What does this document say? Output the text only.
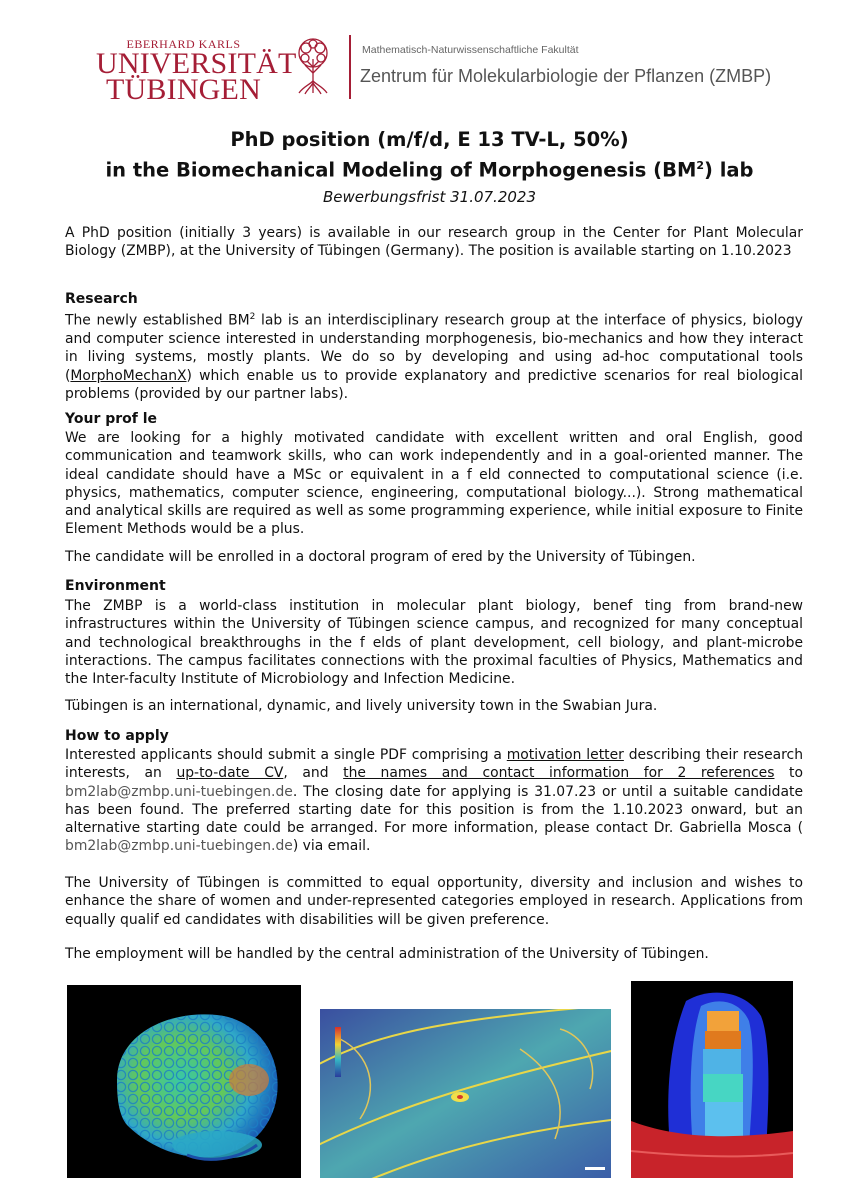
EBERHARD KARLS
UNIVERSITÄT
TÜBINGEN
Mathematisch-Naturwissenschaftliche Fakultät
Zentrum für Molekularbiologie der Pflanzen (ZMBP)
PhD position (m/f/d, E 13 TV-L, 50%)
in the Biomechanical Modeling of Morphogenesis $(BM^2)$ lab
Bewerbungsfrist 31.07.2023
A PhD position (initially 3 years) is available in our research group in the Center for Plant Molecular Biology (ZMBP), at the University of Tübingen (Germany). The position is available starting on 1.10.2023
Research
The newly established $BM^2$ lab is an interdisciplinary research group at the interface of physics, biology and computer science interested in understanding morphogenesis, bio-mechanics and how they interact in living systems, mostly plants. We do so by developing and using ad-hoc computational tools (MorphoMechanX) which enable us to provide explanatory and predictive scenarios for real biological problems (provided by our partner labs).
Your prof le
We are looking for a highly motivated candidate with excellent written and oral English, good communication and teamwork skills, who can work independently and in a goal-oriented manner. The ideal candidate should have a MSc or equivalent in a f eld connected to computational science (i.e. physics, mathematics, computer science, engineering, computational biology...). Strong mathematical and analytical skills are required as well as some programming experience, while initial exposure to Finite Element Methods would be a plus.
The candidate will be enrolled in a doctoral program of ered by the University of Tübingen.
Environment
The ZMBP is a world-class institution in molecular plant biology, benef ting from brand-new infrastructures within the University of Tübingen science campus, and recognized for many conceptual and technological breakthroughs in the f elds of plant development, cell biology, and plant-microbe interactions. The campus facilitates connections with the proximal faculties of Physics, Mathematics and the Inter-faculty Institute of Microbiology and Infection Medicine.
Tübingen is an international, dynamic, and lively university town in the Swabian Jura.
How to apply
Interested applicants should submit a single PDF comprising a motivation letter describing their research interests, an up-to-date CV, and the names and contact information for 2 references to bm2lab@zmbp.uni-tuebingen.de. The closing date for applying is 31.07.23 or until a suitable candidate has been found. The preferred starting date for this position is from the 1.10.2023 onward, but an alternative starting date could be arranged. For more information, please contact Dr. Gabriella Mosca ( bm2lab@zmbp.uni-tuebingen.de) via email.
The University of Tübingen is committed to equal opportunity, diversity and inclusion and wishes to enhance the share of women and under-represented categories employed in research. Applications from equally qualif ed candidates with disabilities will be given preference.
The employment will be handled by the central administration of the University of Tübingen.
